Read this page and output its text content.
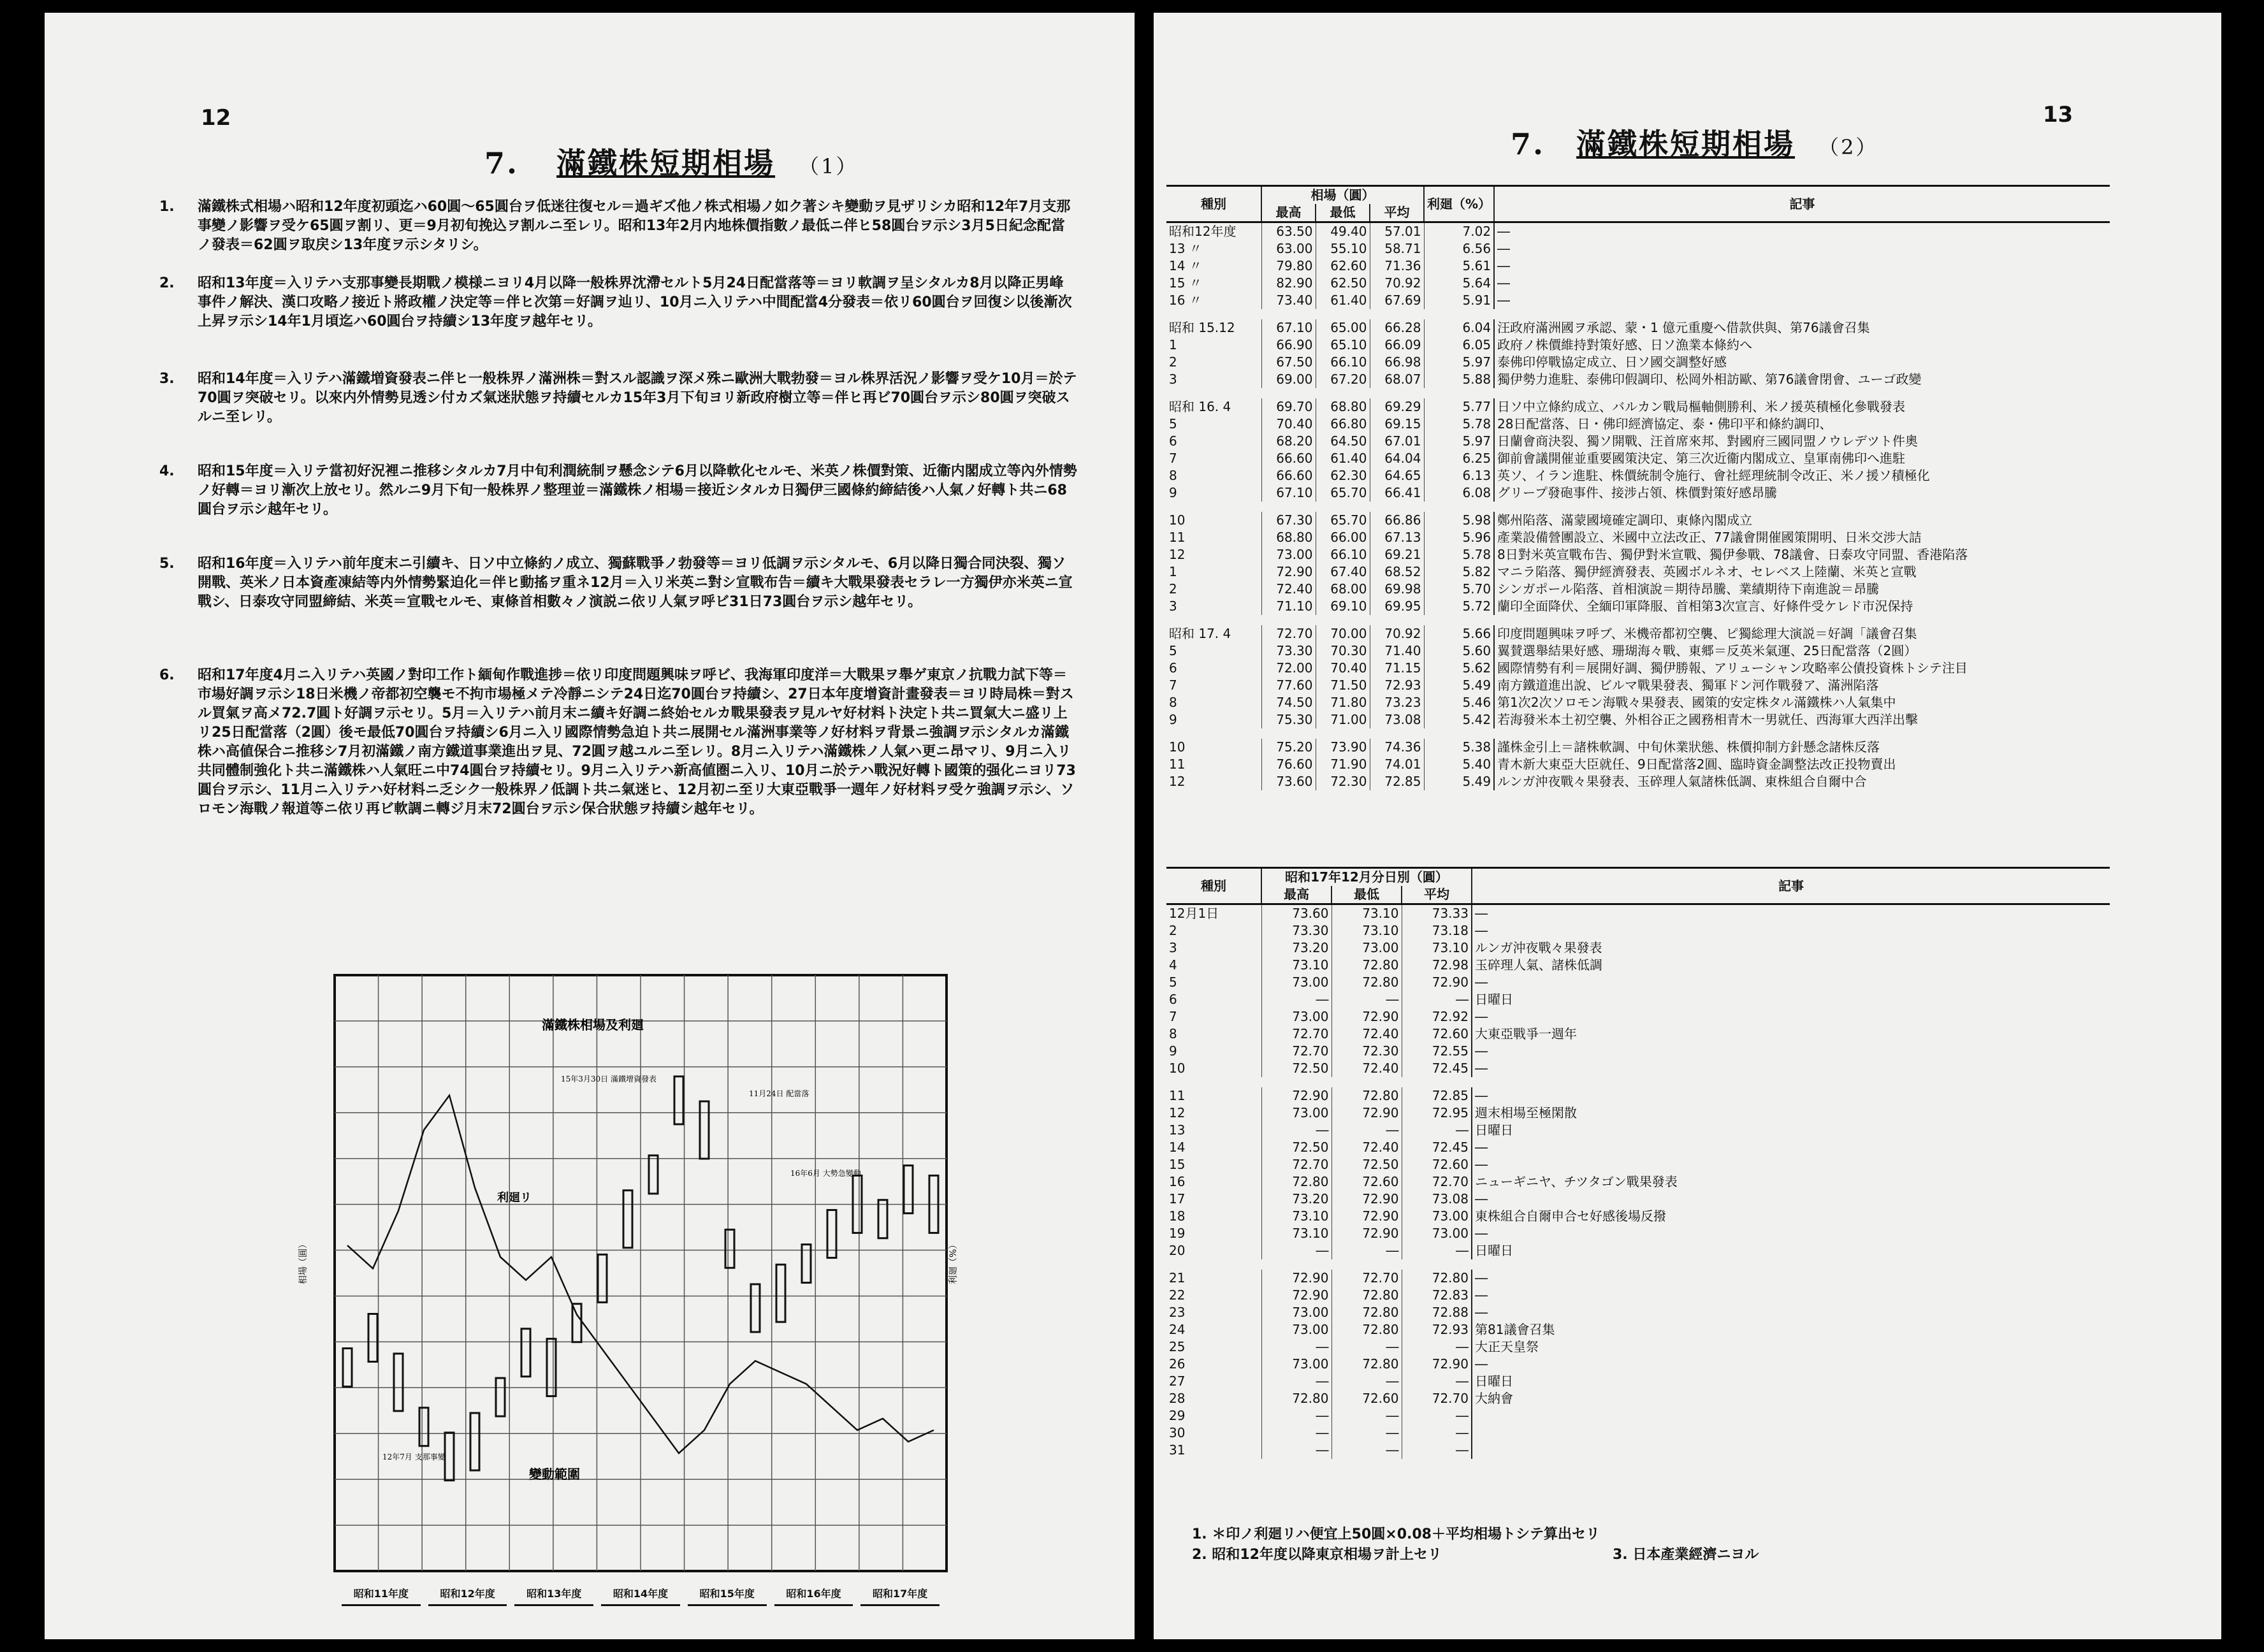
12
7. 滿鐵株短期相場 （1）
1. 滿鐵株式相場ハ昭和12年度初頭迄ハ60圓～65圓台ヲ低迷往復セル＝過ギズ他ノ株式相場ノ如ク著シキ變動ヲ見ザリシカ昭和12年7月支那事變ノ影響ヲ受ケ65圓ヲ割リ、更＝9月初旬挽込ヲ割ルニ至レリ。昭和13年2月内地株價指數ノ最低ニ伴ヒ58圓台ヲ示シ3月5日紀念配當ノ發表＝62圓ヲ取戻シ13年度ヲ示シタリシ。
2. 昭和13年度＝入リテハ支那事變長期戰ノ模様ニヨリ4月以降一般株界沈滯セルト5月24日配當落等＝ヨリ軟調ヲ呈シタルカ8月以降正男峰事件ノ解決、漢口攻略ノ接近ト將政權ノ決定等＝伴ヒ次第＝好調ヲ辿リ、10月ニ入リテハ中間配當4分發表＝依リ60圓台ヲ回復シ以後漸次上昇ヲ示シ14年1月頃迄ハ60圓台ヲ持續シ13年度ヲ越年セリ。
3. 昭和14年度＝入リテハ滿鐵増資發表ニ伴ヒ一般株界ノ滿洲株＝對スル認識ヲ深メ殊ニ歐洲大戰勃發＝ヨル株界活況ノ影響ヲ受ケ10月＝於テ70圓ヲ突破セリ。以來内外情勢見透シ付カズ氣迷狀態ヲ持續セルカ15年3月下旬ヨリ新政府樹立等＝伴ヒ再ビ70圓台ヲ示シ80圓ヲ突破スルニ至レリ。
4. 昭和15年度＝入リテ當初好況裡ニ推移シタルカ7月中旬利潤統制ヲ懸念シテ6月以降軟化セルモ、米英ノ株價對策、近衞内閣成立等內外情勢ノ好轉＝ヨリ漸次上放セリ。然ルニ9月下旬一般株界ノ整理並＝滿鐵株ノ相場＝接近シタルカ日獨伊三國條約締結後ハ人氣ノ好轉ト共ニ68圓台ヲ示シ越年セリ。
5. 昭和16年度＝入リテハ前年度末ニ引續キ、日ソ中立條約ノ成立、獨蘇戰爭ノ勃發等＝ヨリ低調ヲ示シタルモ、6月以降日獨合同決裂、獨ソ開戰、英米ノ日本資產凍結等内外情勢緊迫化＝伴ヒ動搖ヲ重ネ12月＝入リ米英ニ對シ宣戰布告＝續キ大戰果發表セラレ一方獨伊亦米英ニ宣戰シ、日泰攻守同盟締結、米英＝宣戰セルモ、東條首相數々ノ演説ニ依リ人氣ヲ呼ビ31日73圓台ヲ示シ越年セリ。
6. 昭和17年度4月ニ入リテハ英國ノ對印工作ト緬甸作戰進捗＝依リ印度問題興味ヲ呼ビ、我海軍印度洋＝大戰果ヲ舉ゲ東京ノ抗戰力試下等＝市場好調ヲ示シ18日米機ノ帝都初空襲モ不拘市場極メテ冷靜ニシテ24日迄70圓台ヲ持續シ、27日本年度增資計畫發表＝ヨリ時局株＝對スル買氣ヲ高メ72.7圓ト好調ヲ示セリ。5月＝入リテハ前月末ニ續キ好調ニ終始セルカ戰果發表ヲ見ルヤ好材料ト決定ト共ニ買氣大ニ盛リ上リ25日配當落（2圓）後モ最低70圓台ヲ持續シ6月ニ入リ國際情勢急迫ト共ニ展開セル滿洲事業等ノ好材料ヲ背景ニ強調ヲ示シタルカ滿鐵株ハ高値保合ニ推移シ7月初滿鐵ノ南方鐵道事業進出ヲ見、72圓ヲ越ユルニ至レリ。8月ニ入リテハ滿鐵株ノ人氣ハ更ニ昂マリ、9月ニ入リ共同體制強化ト共ニ滿鐵株ハ人氣旺ニ中74圓台ヲ持續セリ。9月ニ入リテハ新高値圏ニ入リ、10月ニ於テハ戰況好轉ト國策的强化ニヨリ73圓台ヲ示シ、11月ニ入リテハ好材料ニ乏シク一般株界ノ低調ト共ニ氣迷ヒ、12月初ニ至リ大東亞戰爭一週年ノ好材料ヲ受ケ強調ヲ示シ、ソロモン海戰ノ報道等ニ依リ再ビ軟調ニ轉ジ月末72圓台ヲ示シ保合狀態ヲ持續シ越年セリ。
滿鐵株相場及利廻
利廻リ
變動範圍
15年3月30日 滿鐵增資發表
11月24日 配當落
16年6月 大勢急變動
12年7月 支那事變
相場（圓）	利廻（%）
昭和11年度	昭和12年度	昭和13年度	昭和14年度	昭和15年度	昭和16年度	昭和17年度
13
7. 滿鐵株短期相場 （2）
種別	相場（圓）			利廻（%）	記事
	最高	最低	平均		
昭和12年度	63.50	49.40	57.01	7.02	―
13 〃	63.00	55.10	58.71	6.56	―
14 〃	79.80	62.60	71.36	5.61	―
15 〃	82.90	62.50	70.92	5.64	―
16 〃	73.40	61.40	67.69	5.91	―

昭和 15.12	67.10	65.00	66.28	6.04	汪政府滿洲國ヲ承認、蒙・1 億元重慶へ借款供與、第76議會召集
1	66.90	65.10	66.09	6.05	政府ノ株價維持對策好感、日ソ漁業本條約へ
2	67.50	66.10	66.98	5.97	泰佛印停戰協定成立、日ソ國交調整好感
3	69.00	67.20	68.07	5.88	獨伊勢力進駐、泰佛印假調印、松岡外相訪歐、第76議會閉會、ユーゴ政變

昭和 16. 4	69.70	68.80	69.29	5.77	日ソ中立條約成立、バルカン戰局樞軸側勝利、米ノ援英積極化參戰發表
5	70.40	66.80	69.15	5.78	28日配當落、日・佛印經濟協定、泰・佛印平和條約調印、
6	68.20	64.50	67.01	5.97	日蘭會商決裂、獨ソ開戰、汪首席來邦、對國府三國同盟ノウレデツト件奧
7	66.60	61.40	64.04	6.25	御前會議開催並重要國策決定、第三次近衞内閣成立、皇軍南佛印へ進駐
8	66.60	62.30	64.65	6.13	英ソ、イラン進駐、株價統制令施行、會社經理統制令改正、米ノ援ソ積極化
9	67.10	65.70	66.41	6.08	グリープ發砲事件、接涉占領、株價對策好感昂騰

10	67.30	65.70	66.86	5.98	鄭州陷落、滿蒙國境確定調印、東條內閣成立
11	68.80	66.00	67.13	5.96	產業設備營團設立、米國中立法改正、77議會開催國策開明、日米交涉大詰
12	73.00	66.10	69.21	5.78	8日對米英宣戰布告、獨伊對米宣戰、獨伊參戰、78議會、日泰攻守同盟、香港陷落
1	72.90	67.40	68.52	5.82	マニラ陷落、獨伊經濟發表、英國ボルネオ、セレベス上陸蘭、米英と宣戰
2	72.40	68.00	69.98	5.70	シンガポール陷落、首相演說＝期待昂騰、業績期待下南進說＝昂騰
3	71.10	69.10	69.95	5.72	蘭印全面降伏、全緬印軍降服、首相第3次宣言、好條件受ケレド市況保持

昭和 17. 4	72.70	70.00	70.92	5.66	印度問題興味ヲ呼ブ、米機帝都初空襲、ピ獨総理大演説＝好調「議會召集
5	73.30	70.30	71.40	5.60	翼賛選舉結果好感、珊瑚海々戰、東郷＝反英米氣運、25日配當落（2圓）
6	72.00	70.40	71.15	5.62	國際情勢有利＝展開好調、獨伊勝報、アリューシャン攻略率公債投資株トシテ注目
7	77.60	71.50	72.93	5.49	南方鐵道進出說、ビルマ戰果發表、獨軍ドン河作戰發ア、滿洲陷落
8	74.50	71.80	73.23	5.46	第1次2次ソロモン海戰々果發表、國策的安定株タル滿鐵株ハ人氣集中
9	75.30	71.00	73.08	5.42	若海發米本土初空襲、外相谷正之國務相青木一男就任、西海軍大西洋出擊

10	75.20	73.90	74.36	5.38	謹株金引上＝諸株軟調、中旬休業狀態、株價抑制方針懸念諸株反落
11	76.60	71.90	74.01	5.40	青木新大東亞大臣就任、9日配當落2圓、臨時資金調整法改正投物賣出
12	73.60	72.30	72.85	5.49	ルンガ沖夜戰々果發表、玉碎理人氣諸株低調、東株組合自爾中合
種別	昭和17年12月分日別（圓）			記事
	最高	最低	平均	
12月1日	73.60	73.10	73.33	―
2	73.30	73.10	73.18	―
3	73.20	73.00	73.10	ルンガ沖夜戰々果發表
4	73.10	72.80	72.98	玉碎理人氣、諸株低調
5	73.00	72.80	72.90	―
6	―	―	―	日曜日
7	73.00	72.90	72.92	―
8	72.70	72.40	72.60	大東亞戰爭一週年
9	72.70	72.30	72.55	―
10	72.50	72.40	72.45	―

11	72.90	72.80	72.85	―
12	73.00	72.90	72.95	週末相場至極閑散
13	―	―	―	日曜日
14	72.50	72.40	72.45	―
15	72.70	72.50	72.60	―
16	72.80	72.60	72.70	ニューギニヤ、チツタゴン戰果發表
17	73.20	72.90	73.08	―
18	73.10	72.90	73.00	東株組合自爾申合セ好感後場反撥
19	73.10	72.90	73.00	―
20	―	―	―	日曜日

21	72.90	72.70	72.80	―
22	72.90	72.80	72.83	―
23	73.00	72.80	72.88	―
24	73.00	72.80	72.93	第81議會召集
25	―	―	―	大正天皇祭
26	73.00	72.80	72.90	―
27	―	―	―	日曜日
28	72.80	72.60	72.70	大納會
29	―	―	―	
30	―	―	―	
31	―	―	―	
1. ＊印ノ利廻リハ便宜上50圓×0.08＋平均相場トシテ算出セリ
2. 昭和12年度以降東京相場ヲ計上セリ	3. 日本產業經濟ニヨル
